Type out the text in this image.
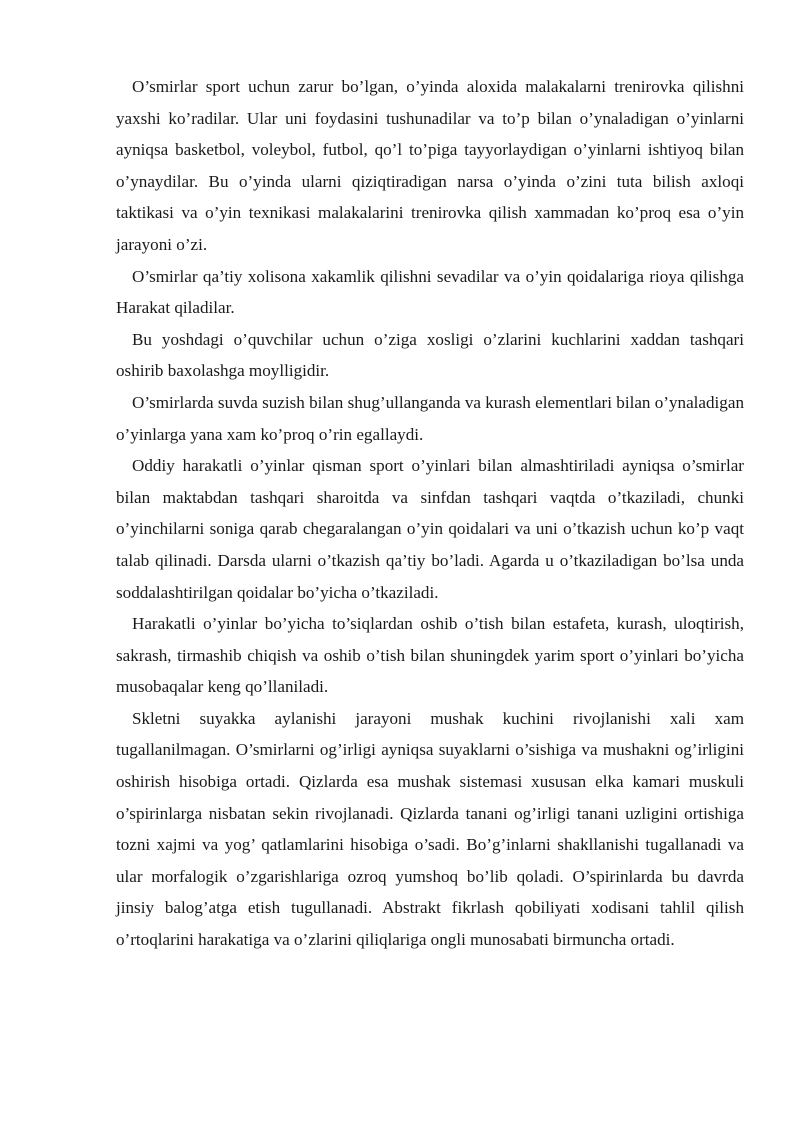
O’smirlar sport uchun zarur bo’lgan, o’yinda aloxida malakalarni trenirovka qilishni yaxshi ko’radilar. Ular uni foydasini tushunadilar va to’p bilan o’ynaladigan o’yinlarni ayniqsa basketbol, voleybol, futbol, qo’l to’piga tayyorlaydigan o’yinlarni ishtiyoq bilan o’ynaydilar. Bu o’yinda ularni qiziqtiradigan narsa o’yinda o’zini tuta bilish axloqi taktikasi va o’yin texnikasi malakalarini trenirovka qilish xammadan ko’proq esa o’yin jarayoni o’zi.

O’smirlar qa’tiy xolisona xakamlik qilishni sevadilar va o’yin qoidalariga rioya qilishga Harakat qiladilar.

Bu yoshdagi o’quvchilar uchun o’ziga xosligi o’zlarini kuchlarini xaddan tashqari oshirib baxolashga moylligidir.

O’smirlarda suvda suzish bilan shug’ullanganda va kurash elementlari bilan o’ynaladigan o’yinlarga yana xam ko’proq o’rin egallaydi.

Oddiy harakatli o’yinlar qisman sport o’yinlari bilan almashtiriladi ayniqsa o’smirlar bilan maktabdan tashqari sharoitda va sinfdan tashqari vaqtda o’tkaziladi, chunki o’yinchilarni soniga qarab chegaralangan o’yin qoidalari va uni o’tkazish uchun ko’p vaqt talab qilinadi. Darsda ularni o’tkazish qa’tiy bo’ladi. Agarda u o’tkaziladigan bo’lsa unda soddalashtirilgan qoidalar bo’yicha o’tkaziladi.

Harakatli o’yinlar bo’yicha to’siqlardan oshib o’tish bilan estafeta, kurash, uloqtirish, sakrash, tirmashib chiqish va oshib o’tish bilan shuningdek yarim sport o’yinlari bo’yicha musobaqalar keng qo’llaniladi.

Skletni suyakka aylanishi jarayoni mushak kuchini rivojlanishi xali xam tugallanilmagan. O’smirlarni og’irligi ayniqsa suyaklarni o’sishiga va mushakni og’irligini oshirish hisobiga ortadi. Qizlarda esa mushak sistemasi xususan elka kamari muskuli o’spirinlarga nisbatan sekin rivojlanadi. Qizlarda tanani og’irligi tanani uzligini ortishiga tozni xajmi va yog’ qatlamlarini hisobiga o’sadi. Bo’g’inlarni shakllanishi tugallanadi va ular morfalogik o’zgarishlariga ozroq yumshoq bo’lib qoladi. O’spirinlarda bu davrda jinsiy balog’atga etish tugullanadi. Abstrakt fikrlash qobiliyati xodisani tahlil qilish o’rtoqlarini harakatiga va o’zlarini qiliqlariga ongli munosabati birmuncha ortadi.
